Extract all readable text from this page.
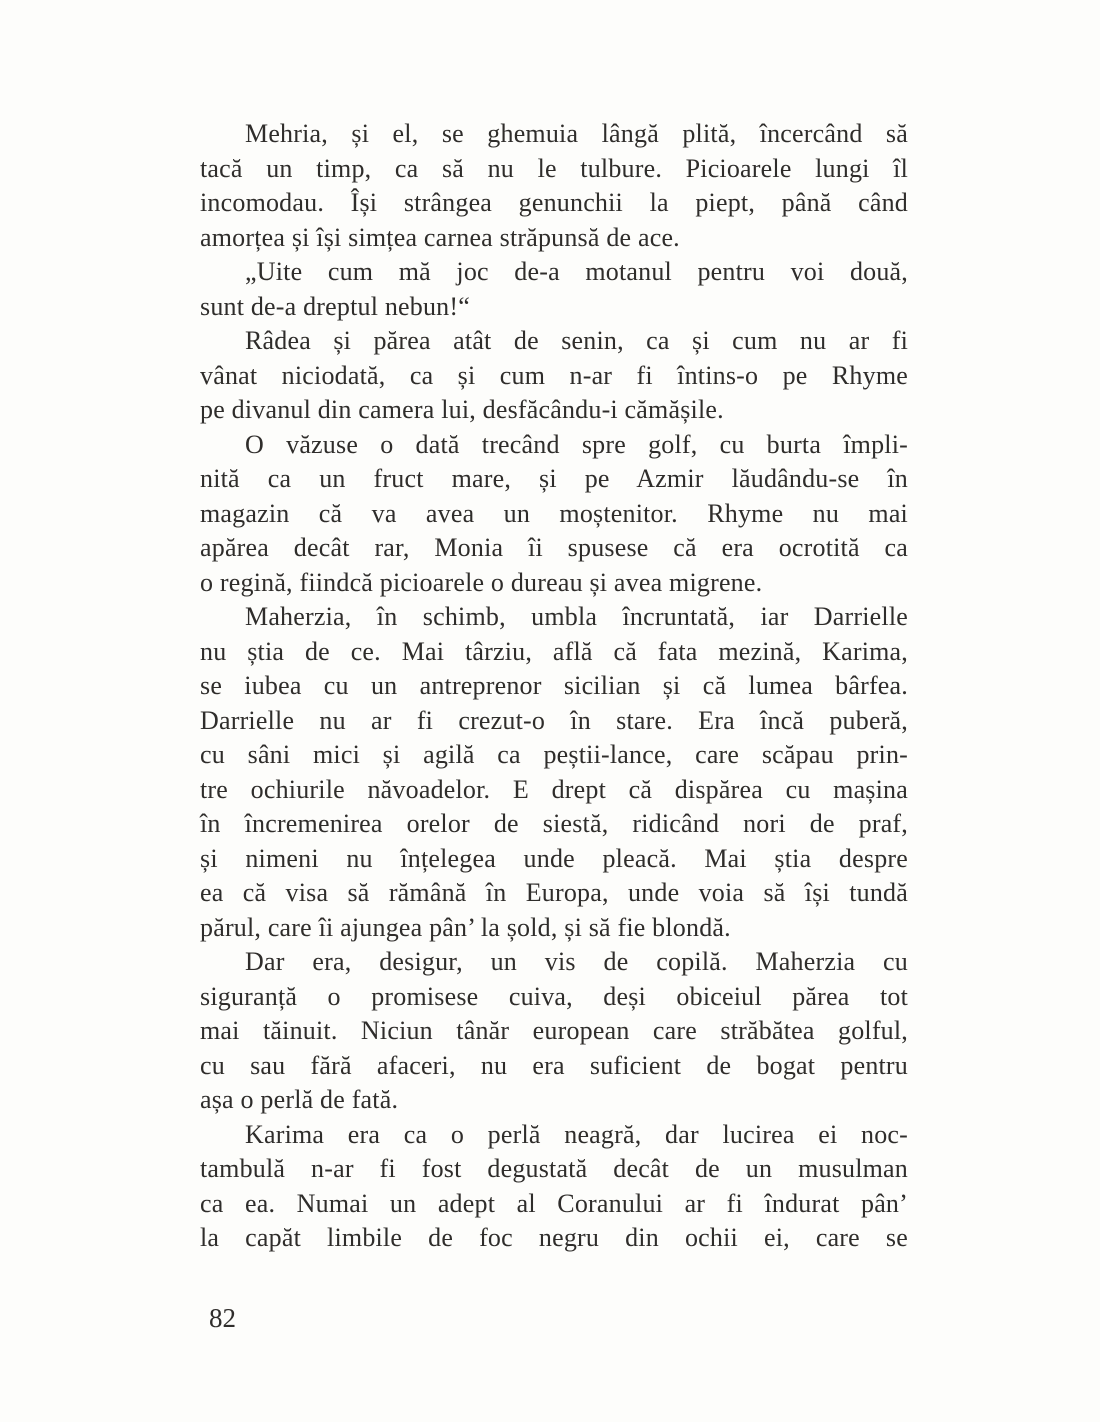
Mehria, și el, se ghemuia lângă plită, încercând să
tacă un timp, ca să nu le tulbure. Picioarele lungi îl
incomodau. Își strângea genunchii la piept, până când
amorțea și își simțea carnea străpunsă de ace.
„Uite cum mă joc de-a motanul pentru voi două,
sunt de-a dreptul nebun!“
Râdea și părea atât de senin, ca și cum nu ar fi
vânat niciodată, ca și cum n-ar fi întins-o pe Rhyme
pe divanul din camera lui, desfăcându-i cămășile.
O văzuse o dată trecând spre golf, cu burta împli-
nită ca un fruct mare, și pe Azmir lăudându-se în
magazin că va avea un moștenitor. Rhyme nu mai
apărea decât rar, Monia îi spusese că era ocrotită ca
o regină, fiindcă picioarele o dureau și avea migrene.
Maherzia, în schimb, umbla încruntată, iar Darrielle
nu știa de ce. Mai târziu, află că fata mezină, Karima,
se iubea cu un antreprenor sicilian și că lumea bârfea.
Darrielle nu ar fi crezut-o în stare. Era încă puberă,
cu sâni mici și agilă ca peștii-lance, care scăpau prin-
tre ochiurile năvoadelor. E drept că dispărea cu mașina
în încremenirea orelor de siestă, ridicând nori de praf,
și nimeni nu înțelegea unde pleacă. Mai știa despre
ea că visa să rămână în Europa, unde voia să își tundă
părul, care îi ajungea pân’ la șold, și să fie blondă.
Dar era, desigur, un vis de copilă. Maherzia cu
siguranță o promisese cuiva, deși obiceiul părea tot
mai tăinuit. Niciun tânăr european care străbătea golful,
cu sau fără afaceri, nu era suficient de bogat pentru
așa o perlă de fată.
Karima era ca o perlă neagră, dar lucirea ei noc-
tambulă n-ar fi fost degustată decât de un musulman
ca ea. Numai un adept al Coranului ar fi îndurat pân’
la capăt limbile de foc negru din ochii ei, care se
82
